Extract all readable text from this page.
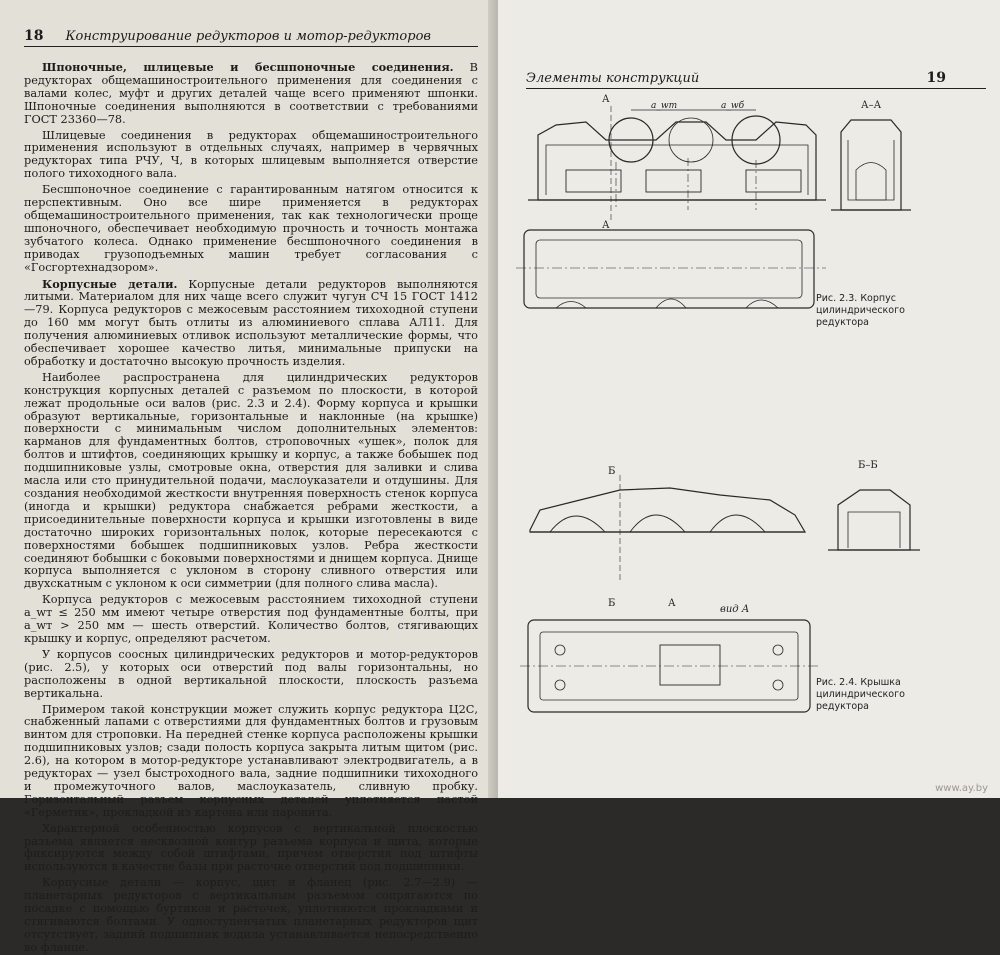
18 Конструирование редукторов и мотор-редукторов

Шпоночные, шлицевые и бесшпоночные соединения. В редукторах общемашиностроительного применения для соединения с валами колес, муфт и других деталей чаще всего применяют шпонки. Шпоночные соединения выполняются в соответствии с требованиями ГОСТ 23360—78.

Шлицевые соединения в редукторах общемашиностроительного применения используют в отдельных случаях, например в червячных редукторах типа РЧУ, Ч, в которых шлицевым выполняется отверстие полого тихоходного вала.

Бесшпоночное соединение с гарантированным натягом относится к перспективным. Оно все шире применяется в редукторах общемашиностроительного применения, так как технологически проще шпоночного, обеспечивает необходимую прочность и точность монтажа зубчатого колеса. Однако применение бесшпоночного соединения в приводах грузоподъемных машин требует согласования с «Госгортехнадзором».

Корпусные детали. Корпусные детали редукторов выполняются литыми. Материалом для них чаще всего служит чугун СЧ 15 ГОСТ 1412—79. Корпуса редукторов с межосевым расстоянием тихоходной ступени до 160 мм могут быть отлиты из алюминиевого сплава АЛ11. Для получения алюминиевых отливок используют металлические формы, что обеспечивает хорошее качество литья, минимальные припуски на обработку и достаточно высокую прочность изделия.

Наиболее распространена для цилиндрических редукторов конструкция корпусных деталей с разъемом по плоскости, в которой лежат продольные оси валов (рис. 2.3 и 2.4). Форму корпуса и крышки образуют вертикальные, горизонтальные и наклонные (на крышке) поверхности с минимальным числом дополнительных элементов: карманов для фундаментных болтов, строповочных «ушек», полок для болтов и штифтов, соединяющих крышку и корпус, а также бобышек под подшипниковые узлы, смотровые окна, отверстия для заливки и слива масла или сто принудительной подачи, маслоуказатели и отдушины. Для создания необходимой жесткости внутренняя поверхность стенок корпуса (иногда и крышки) редуктора снабжается ребрами жесткости, а присоединительные поверхности корпуса и крышки изготовлены в виде достаточно широких горизонтальных полок, которые пересекаются с поверхностями бобышек подшипниковых узлов. Ребра жесткости соединяют бобышки с боковыми поверхностями и днищем корпуса. Днище корпуса выполняется с уклоном в сторону сливного отверстия или двухскатным с уклоном к оси симметрии (для полного слива масла).

Корпуса редукторов с межосевым расстоянием тихоходной ступени a_wт ≤ 250 мм имеют четыре отверстия под фундаментные болты, при a_wт > 250 мм — шесть отверстий. Количество болтов, стягивающих крышку и корпус, определяют расчетом.

У корпусов соосных цилиндрических редукторов и мотор-редукторов (рис. 2.5), у которых оси отверстий под валы горизонтальны, но расположены в одной вертикальной плоскости, плоскость разъема вертикальна.

Примером такой конструкции может служить корпус редуктора Ц2С, снабженный лапами с отверстиями для фундаментных болтов и грузовым винтом для строповки. На передней стенке корпуса расположены крышки подшипниковых узлов; сзади полость корпуса закрыта литым щитом (рис. 2.6), на котором в мотор-редукторе устанавливают электродвигатель, а в редукторах — узел быстроходного вала, задние подшипники тихоходного и промежуточного валов, маслоуказатель, сливную пробку. Горизонтальный разъем корпусных деталей уплотняется пастой «Герметик», прокладкой из картона или паронита.

Характерной особенностью корпусов с вертикальной плоскостью разъема является несквозной контур разъема корпуса и щита, которые фиксируются между собой штифтами, причем отверстия под штифты используются в качестве базы при расточке отверстий под подшипники.

Корпусные детали — корпус, щит и фланец (рис. 2.7—2.9) — планетарных редукторов с вертикальным разъемом сопрягаются по посадке с помощью буртиков и расточек, уплотняются прокладками и стягиваются болтами. У одноступенчатых планетарных редукторов щит отсутствует, задний подшипник водила устанавливается непосредственно во фланце.

Элементы конструкций	19
a_wт	a_wб
А
А
А–А
Рис. 2.3. Корпус цилиндрического редуктора
Б
Б	А
вид А
Б–Б
Рис. 2.4. Крышка цилиндрического редуктора
www.ay.by
